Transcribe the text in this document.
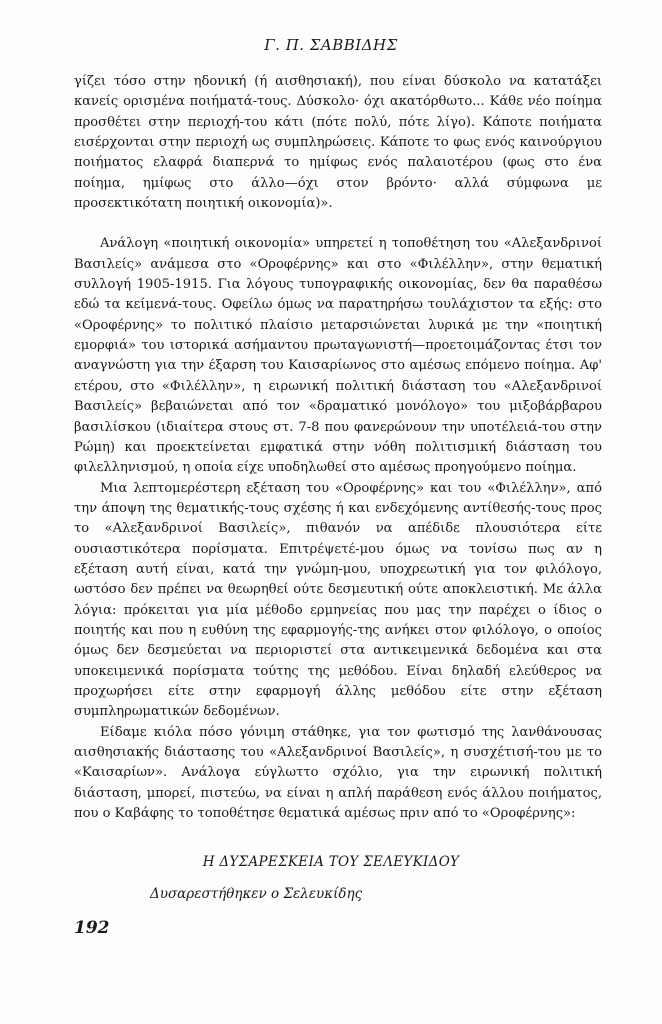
Γ. Π. ΣΑΒΒΙΔΗΣ

γίζει τόσο στην ηδονική (ή αισθησιακή), που είναι δύσκολο να κατατάξει κανείς ορισμένα ποιήματά-τους. Δύσκολο· όχι ακατόρθωτο... Κάθε νέο ποίημα προσθέτει στην περιοχή-του κάτι (πότε πολύ, πότε λίγο). Κάποτε ποιήματα εισέρχονται στην περιοχή ως συμπληρώσεις. Κάποτε το φως ενός καινούργιου ποιήματος ελαφρά διαπερνά το ημίφως ενός παλαιοτέρου (φως στο ένα ποίημα, ημίφως στο άλλο—όχι στον βρόντο· αλλά σύμφωνα με προσεκτικότατη ποιητική οικονομία)».

Ανάλογη «ποιητική οικονομία» υπηρετεί η τοποθέτηση του «Αλεξανδρινοί Βασιλείς» ανάμεσα στο «Οροφέρνης» και στο «Φιλέλλην», στην θεματική συλλογή 1905-1915. Για λόγους τυπογραφικής οικονομίας, δεν θα παραθέσω εδώ τα κείμενά-τους. Οφείλω όμως να παρατηρήσω τουλάχιστον τα εξής: στο «Οροφέρνης» το πολιτικό πλαίσιο μεταρσιώνεται λυρικά με την «ποιητική εμορφιά» του ιστορικά ασήμαντου πρωταγωνιστή—προετοιμάζοντας έτσι τον αναγνώστη για την έξαρση του Καισαρίωνος στο αμέσως επόμενο ποίημα. Αφ' ετέρου, στο «Φιλέλλην», η ειρωνική πολιτική διάσταση του «Αλεξανδρινοί Βασιλείς» βεβαιώνεται από τον «δραματικό μονόλογο» του μιξοβάρβαρου βασιλίσκου (ιδιαίτερα στους στ. 7-8 που φανερώνουν την υποτέλειά-του στην Ρώμη) και προεκτείνεται εμφατικά στην νόθη πολιτισμική διάσταση του φιλελληνισμού, η οποία είχε υποδηλωθεί στο αμέσως προηγούμενο ποίημα.

Μια λεπτομερέστερη εξέταση του «Οροφέρνης» και του «Φιλέλλην», από την άποψη της θεματικής-τους σχέσης ή και ενδεχόμενης αντίθεσής-τους προς το «Αλεξανδρινοί Βασιλείς», πιθανόν να απέδιδε πλουσιότερα είτε ουσιαστικότερα πορίσματα. Επιτρέψετέ-μου όμως να τονίσω πως αν η εξέταση αυτή είναι, κατά την γνώμη-μου, υποχρεωτική για τον φιλόλογο, ωστόσο δεν πρέπει να θεωρηθεί ούτε δεσμευτική ούτε αποκλειστική. Με άλλα λόγια: πρόκειται για μία μέθοδο ερμηνείας που μας την παρέχει ο ίδιος ο ποιητής και που η ευθύνη της εφαρμογής-της ανήκει στον φιλόλογο, ο οποίος όμως δεν δεσμεύεται να περιοριστεί στα αντικειμενικά δεδομένα και στα υποκειμενικά πορίσματα τούτης της μεθόδου. Είναι δηλαδή ελεύθερος να προχωρήσει είτε στην εφαρμογή άλλης μεθόδου είτε στην εξέταση συμπληρωματικών δεδομένων.

Είδαμε κιόλα πόσο γόνιμη στάθηκε, για τον φωτισμό της λανθάνουσας αισθησιακής διάστασης του «Αλεξανδρινοί Βασιλείς», η συσχέτισή-του με το «Καισαρίων». Ανάλογα εύγλωττο σχόλιο, για την ειρωνική πολιτική διάσταση, μπορεί, πιστεύω, να είναι η απλή παράθεση ενός άλλου ποιήματος, που ο Καβάφης το τοποθέτησε θεματικά αμέσως πριν από το «Οροφέρνης»:

Η ΔΥΣΑΡΕΣΚΕΙΑ ΤΟΥ ΣΕΛΕΥΚΙΔΟΥ
Δυσαρεστήθηκεν ο Σελευκίδης
192
